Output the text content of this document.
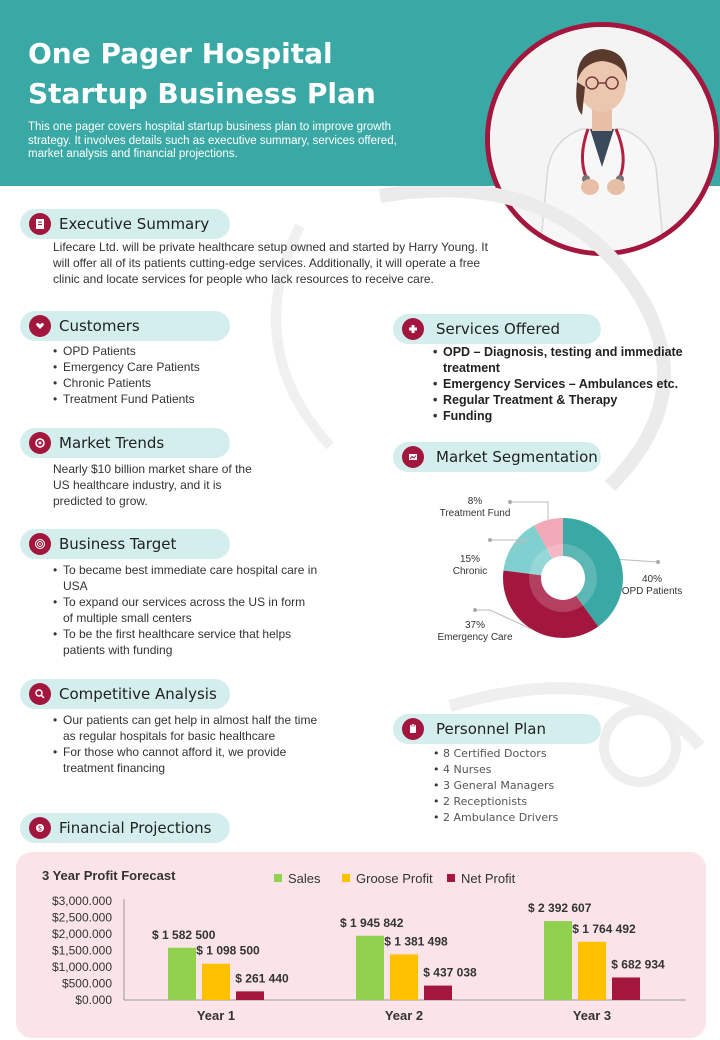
One Pager Hospital Startup Business Plan
This one pager covers hospital startup business plan to improve growth strategy. It involves details such as executive summary, services offered, market analysis and financial projections.
Executive Summary
Lifecare Ltd. will be private healthcare setup owned and started by Harry Young. It will offer all of its patients cutting-edge services. Additionally, it will operate a free clinic and locate services for people who lack resources to receive care.
Customers
• OPD Patients
• Emergency Care Patients
• Chronic Patients
• Treatment Fund Patients
Services Offered
• OPD – Diagnosis, testing and immediate treatment
• Emergency Services – Ambulances etc.
• Regular Treatment & Therapy
• Funding
Market Trends
Nearly $10 billion market share of the US healthcare industry, and it is predicted to grow.
Market Segmentation
40%
OPD Patients
37%
Emergency Care
15%
Chronic
8%
Treatment Fund
Business Target
• To became best immediate care hospital care in USA
• To expand our services across the US in form of multiple small centers
• To be the first healthcare service that helps patients with funding
Competitive Analysis
• Our patients can get help in almost half the time as regular hospitals for basic healthcare
• For those who cannot afford it, we provide treatment financing
Personnel Plan
• 8 Certified Doctors
• 4 Nurses
• 3 General Managers
• 2 Receptionists
• 2 Ambulance Drivers
$ Financial Projections
3 Year Profit Forecast	Sales	Groose Profit Net Profit
$0.000
$500.000
$1,000.000
$1,500.000
$2,000.000
$2,500.000
$3,000.000
$ 1 582 500
$ 1 098 500
$ 261 440
Year 1
$ 1 945 842
$ 1 381 498
$ 437 038
Year 2
$ 2 392 607
$ 1 764 492
$ 682 934
Year 3
